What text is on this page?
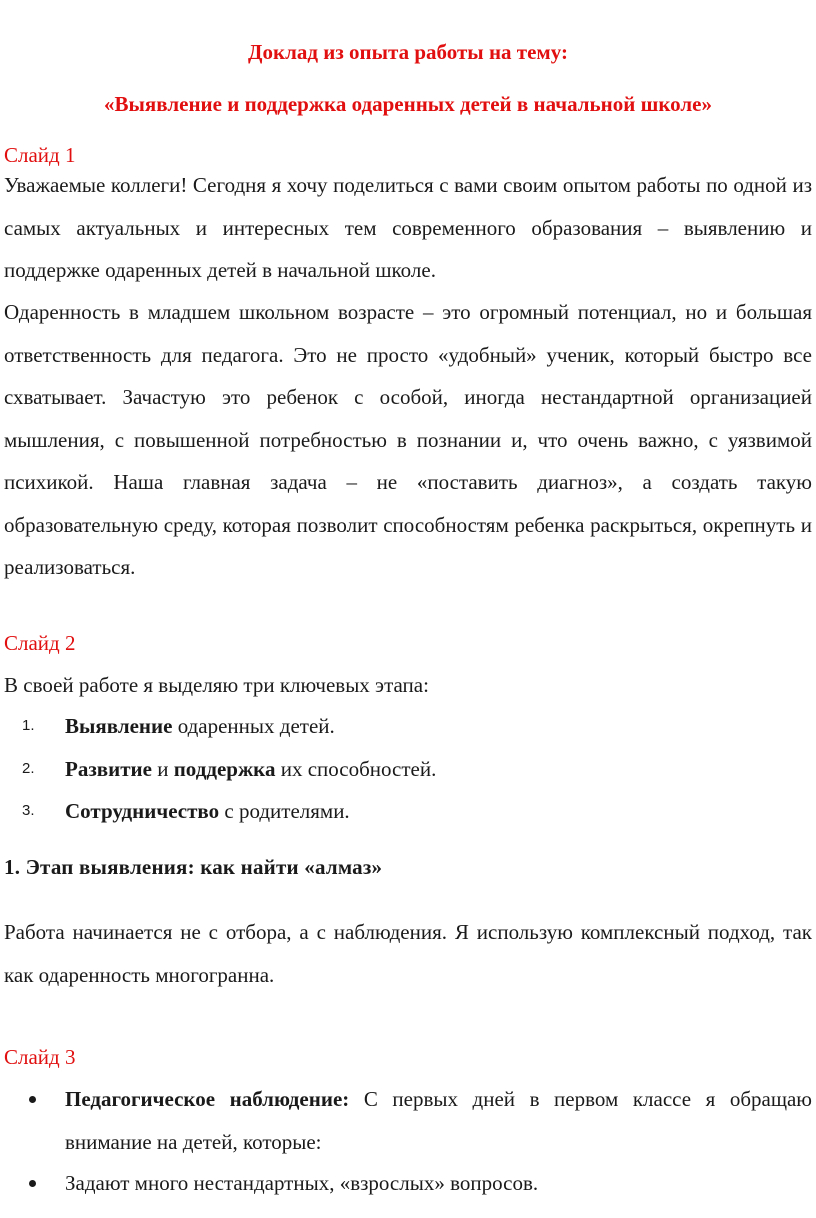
Доклад из опыта работы на тему:
«Выявление и поддержка одаренных детей в начальной школе»
Слайд 1
Уважаемые коллеги! Сегодня я хочу поделиться с вами своим опытом работы по одной из самых актуальных и интересных тем современного образования – выявлению и поддержке одаренных детей в начальной школе.
Одаренность в младшем школьном возрасте – это огромный потенциал, но и большая ответственность для педагога. Это не просто «удобный» ученик, который быстро все схватывает. Зачастую это ребенок с особой, иногда нестандартной организацией мышления, с повышенной потребностью в познании и, что очень важно, с уязвимой психикой. Наша главная задача – не «поставить диагноз», а создать такую образовательную среду, которая позволит способностям ребенка раскрыться, окрепнуть и реализоваться.
Слайд 2
В своей работе я выделяю три ключевых этапа:
1.	Выявление одаренных детей.
2.	Развитие и поддержка их способностей.
3.	Сотрудничество с родителями.
1. Этап выявления: как найти «алмаз»
Работа начинается не с отбора, а с наблюдения. Я использую комплексный подход, так как одаренность многогранна.
Слайд 3
Педагогическое наблюдение: С первых дней в первом классе я обращаю внимание на детей, которые:
Задают много нестандартных, «взрослых» вопросов.
